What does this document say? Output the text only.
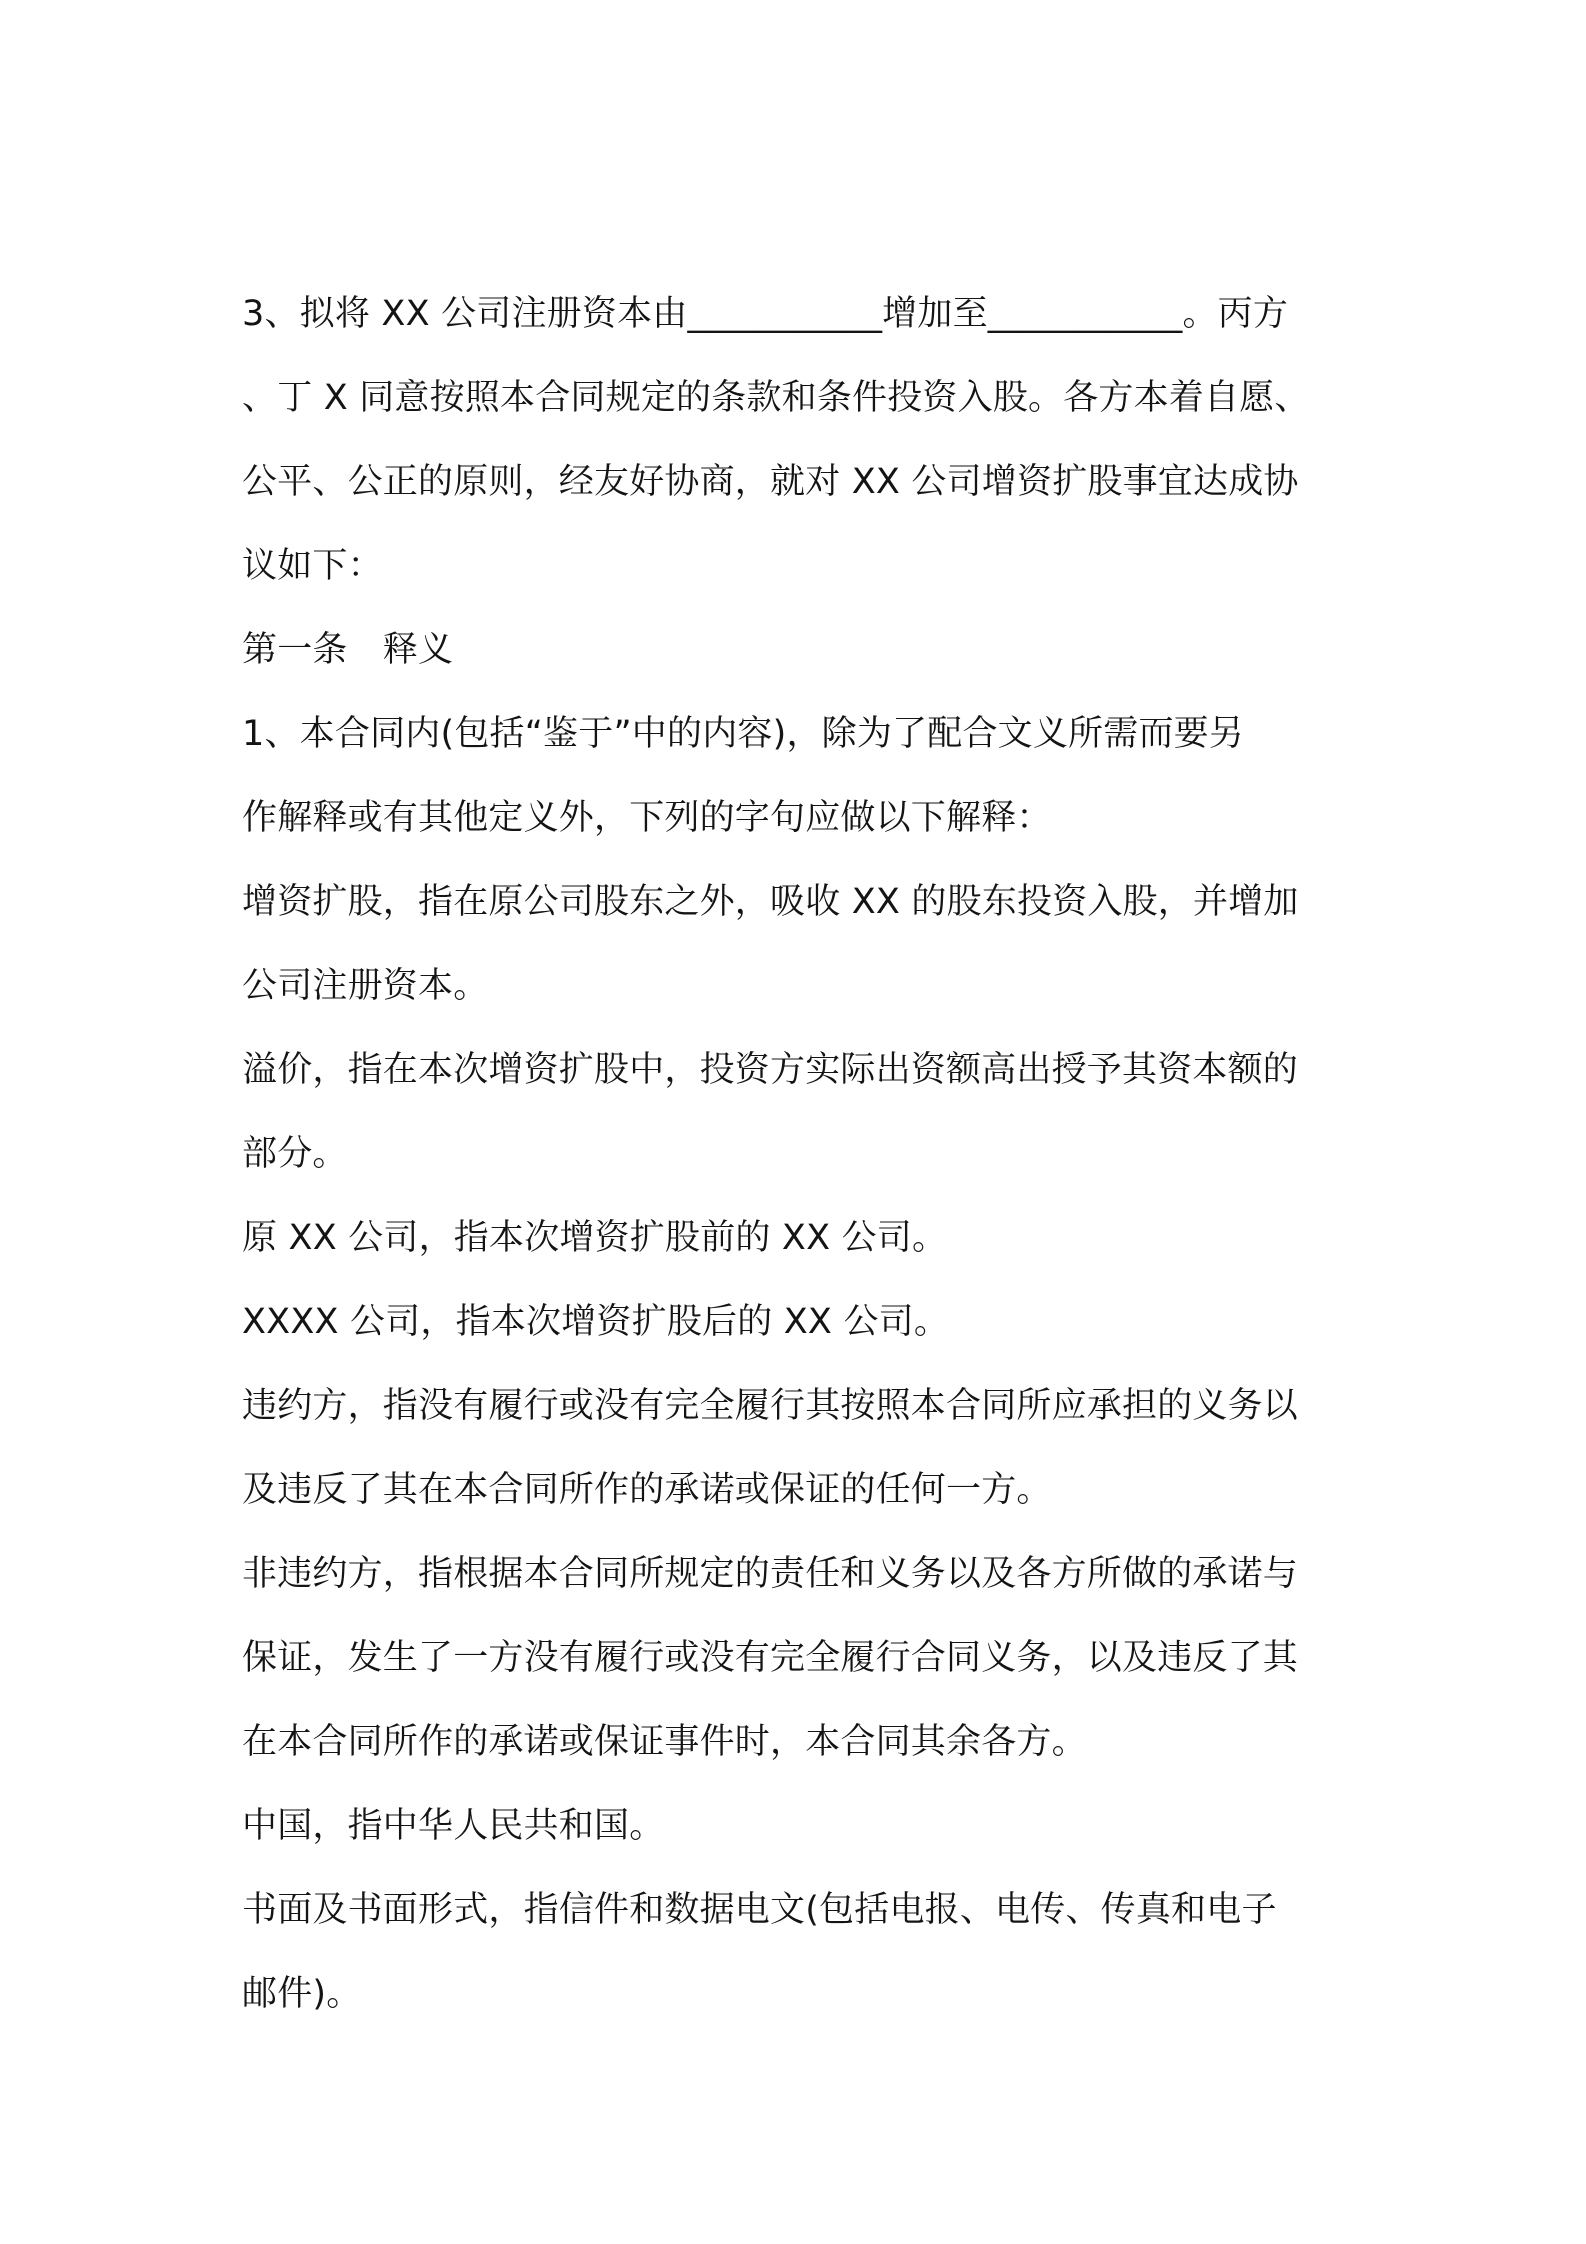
3、拟将 XX 公司注册资本由___________增加至___________。丙方
、丁 X 同意按照本合同规定的条款和条件投资入股。各方本着自愿、
公平、公正的原则，经友好协商，就对 XX 公司增资扩股事宜达成协
议如下：
第一条　释义
1、本合同内(包括“鉴于”中的内容)，除为了配合文义所需而要另
作解释或有其他定义外，下列的字句应做以下解释：
增资扩股，指在原公司股东之外，吸收 XX 的股东投资入股，并增加
公司注册资本。
溢价，指在本次增资扩股中，投资方实际出资额高出授予其资本额的
部分。
原 XX 公司，指本次增资扩股前的 XX 公司。
XXXX 公司，指本次增资扩股后的 XX 公司。
违约方，指没有履行或没有完全履行其按照本合同所应承担的义务以
及违反了其在本合同所作的承诺或保证的任何一方。
非违约方，指根据本合同所规定的责任和义务以及各方所做的承诺与
保证，发生了一方没有履行或没有完全履行合同义务，以及违反了其
在本合同所作的承诺或保证事件时，本合同其余各方。
中国，指中华人民共和国。
书面及书面形式，指信件和数据电文(包括电报、电传、传真和电子
邮件)。
